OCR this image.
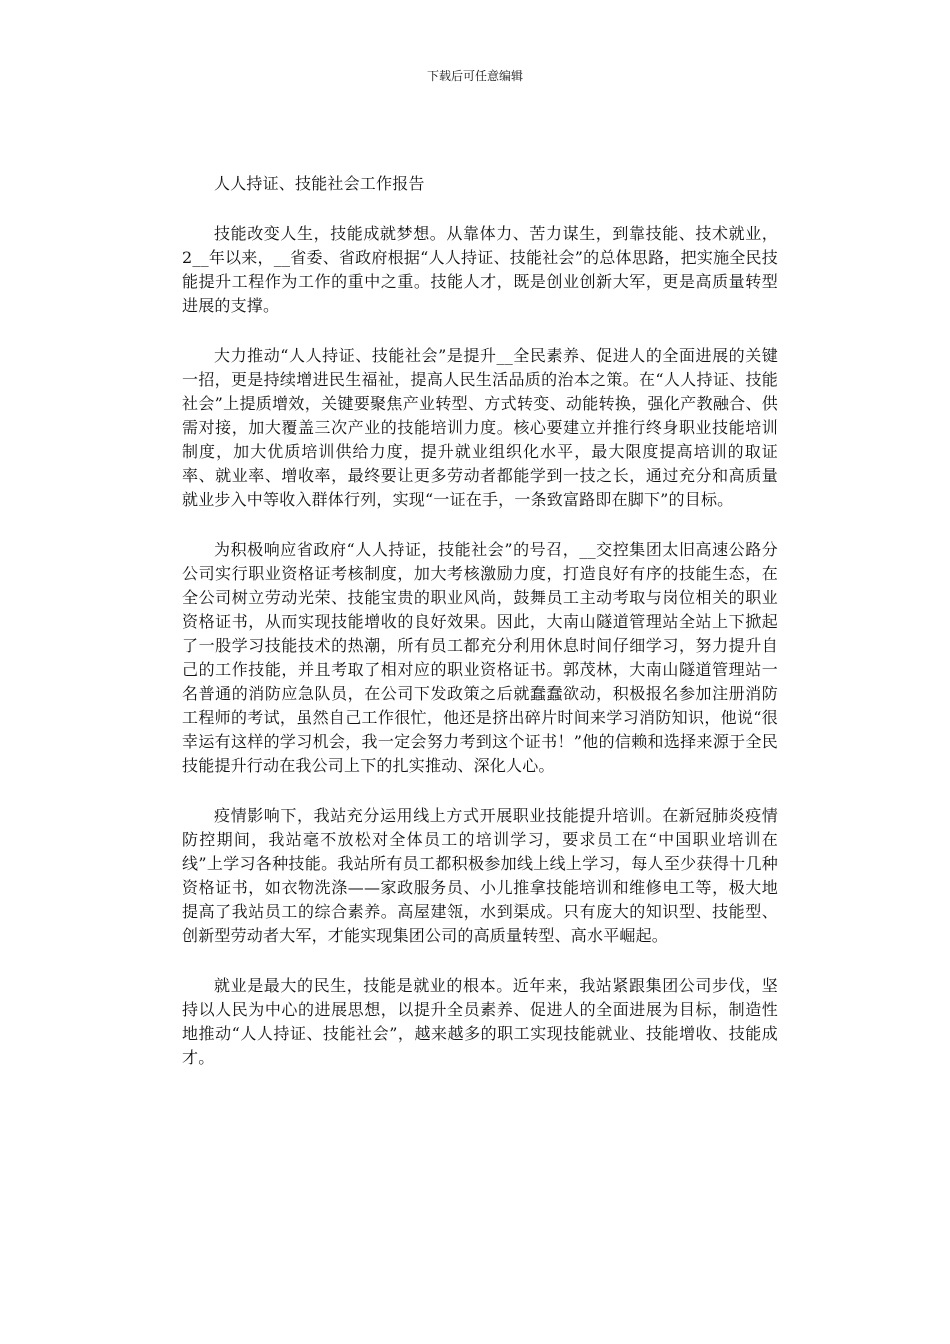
下载后可任意编辑
人人持证、技能社会工作报告

技能改变人生，技能成就梦想。从靠体力、苦力谋生，到靠技能、技术就业，2__年以来，__省委、省政府根据“人人持证、技能社会”的总体思路，把实施全民技能提升工程作为工作的重中之重。技能人才，既是创业创新大军，更是高质量转型进展的支撑。

大力推动“人人持证、技能社会”是提升__全民素养、促进人的全面进展的关键一招，更是持续增进民生福祉，提高人民生活品质的治本之策。在“人人持证、技能社会”上提质增效，关键要聚焦产业转型、方式转变、动能转换，强化产教融合、供需对接，加大覆盖三次产业的技能培训力度。核心要建立并推行终身职业技能培训制度，加大优质培训供给力度，提升就业组织化水平，最大限度提高培训的取证率、就业率、增收率，最终要让更多劳动者都能学到一技之长，通过充分和高质量就业步入中等收入群体行列，实现“一证在手，一条致富路即在脚下”的目标。

为积极响应省政府“人人持证，技能社会”的号召，__交控集团太旧高速公路分公司实行职业资格证考核制度，加大考核激励力度，打造良好有序的技能生态，在全公司树立劳动光荣、技能宝贵的职业风尚，鼓舞员工主动考取与岗位相关的职业资格证书，从而实现技能增收的良好效果。因此，大南山隧道管理站全站上下掀起了一股学习技能技术的热潮，所有员工都充分利用休息时间仔细学习，努力提升自己的工作技能，并且考取了相对应的职业资格证书。郭茂林，大南山隧道管理站一名普通的消防应急队员，在公司下发政策之后就蠢蠢欲动，积极报名参加注册消防工程师的考试，虽然自己工作很忙，他还是挤出碎片时间来学习消防知识，他说“很幸运有这样的学习机会，我一定会努力考到这个证书！”他的信赖和选择来源于全民技能提升行动在我公司上下的扎实推动、深化人心。

疫情影响下，我站充分运用线上方式开展职业技能提升培训。在新冠肺炎疫情防控期间，我站毫不放松对全体员工的培训学习，要求员工在“中国职业培训在线”上学习各种技能。我站所有员工都积极参加线上线上学习，每人至少获得十几种资格证书，如衣物洗涤——家政服务员、小儿推拿技能培训和维修电工等，极大地提高了我站员工的综合素养。高屋建瓴，水到渠成。只有庞大的知识型、技能型、创新型劳动者大军，才能实现集团公司的高质量转型、高水平崛起。

就业是最大的民生，技能是就业的根本。近年来，我站紧跟集团公司步伐，坚持以人民为中心的进展思想，以提升全员素养、促进人的全面进展为目标，制造性地推动“人人持证、技能社会”，越来越多的职工实现技能就业、技能增收、技能成才。
